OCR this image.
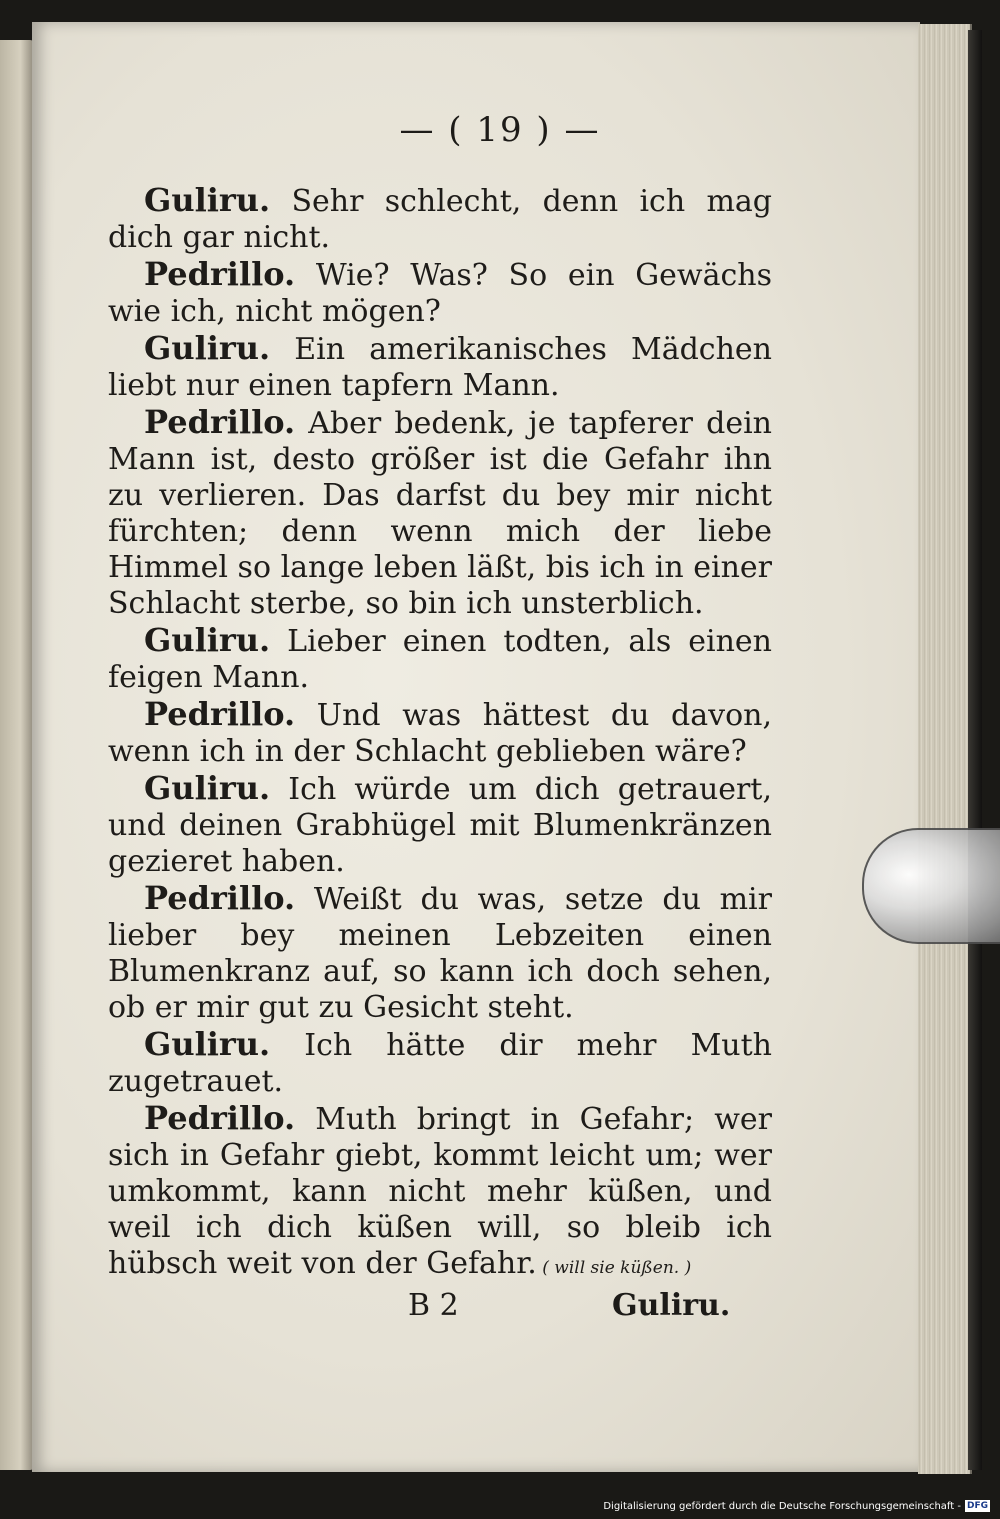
— ( 19 ) —

Guliru. Sehr schlecht, denn ich mag dich gar nicht.

Pedrillo. Wie? Was? So ein Gewächs wie ich, nicht mögen?

Guliru. Ein amerikanisches Mädchen liebt nur einen tapfern Mann.

Pedrillo. Aber bedenk, je tapferer dein Mann ist, desto größer ist die Gefahr ihn zu verlieren. Das darfst du bey mir nicht fürchten; denn wenn mich der liebe Himmel so lange leben läßt, bis ich in einer Schlacht sterbe, so bin ich unsterblich.

Guliru. Lieber einen todten, als einen feigen Mann.

Pedrillo. Und was hättest du davon, wenn ich in der Schlacht geblieben wäre?

Guliru. Ich würde um dich getrauert, und deinen Grabhügel mit Blumenkränzen gezieret haben.

Pedrillo. Weißt du was, setze du mir lieber bey meinen Lebzeiten einen Blumenkranz auf, so kann ich doch sehen, ob er mir gut zu Gesicht steht.

Guliru. Ich hätte dir mehr Muth zugetrauet.

Pedrillo. Muth bringt in Gefahr; wer sich in Gefahr giebt, kommt leicht um; wer umkommt, kann nicht mehr küßen, und weil ich dich küßen will, so bleib ich hübsch weit von der Gefahr. ( will sie küßen. )

B 2	Guliru.
Digitalisierung gefördert durch die Deutsche Forschungsgemeinschaft - DFG
